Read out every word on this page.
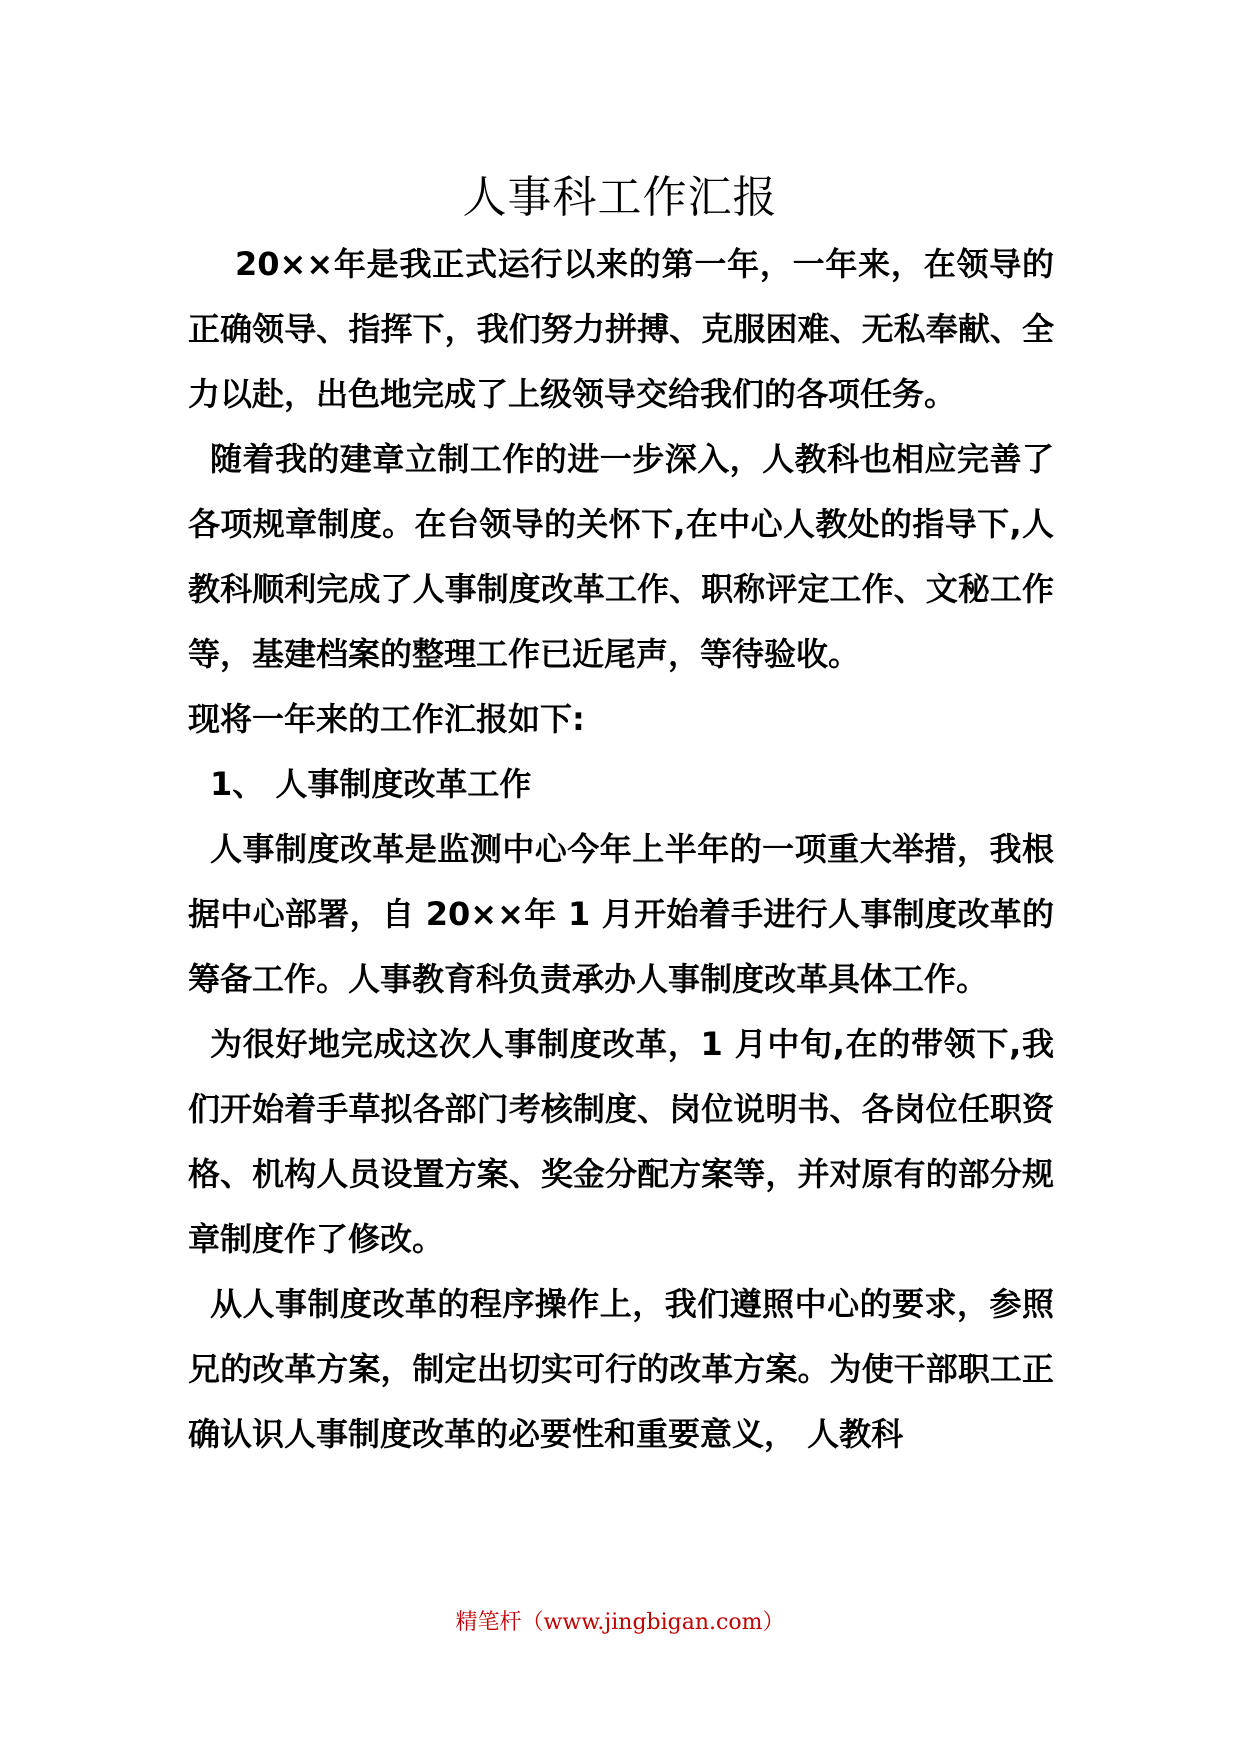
人事科工作汇报

20××年是我正式运行以来的第一年，一年来，在领导的正确领导、指挥下，我们努力拼搏、克服困难、无私奉献、全力以赴，出色地完成了上级领导交给我们的各项任务。

随着我的建章立制工作的进一步深入，人教科也相应完善了各项规章制度。在台领导的关怀下,在中心人教处的指导下,人教科顺利完成了人事制度改革工作、职称评定工作、文秘工作等，基建档案的整理工作已近尾声，等待验收。

现将一年来的工作汇报如下:

1、 人事制度改革工作

人事制度改革是监测中心今年上半年的一项重大举措，我根据中心部署，自 20××年 1 月开始着手进行人事制度改革的筹备工作。人事教育科负责承办人事制度改革具体工作。

为很好地完成这次人事制度改革，1 月中旬,在的带领下,我们开始着手草拟各部门考核制度、岗位说明书、各岗位任职资格、机构人员设置方案、奖金分配方案等，并对原有的部分规章制度作了修改。

从人事制度改革的程序操作上，我们遵照中心的要求，参照兄的改革方案，制定出切实可行的改革方案。为使干部职工正确认识人事制度改革的必要性和重要意义， 人教科

精笔杆（www.jingbigan.com）
